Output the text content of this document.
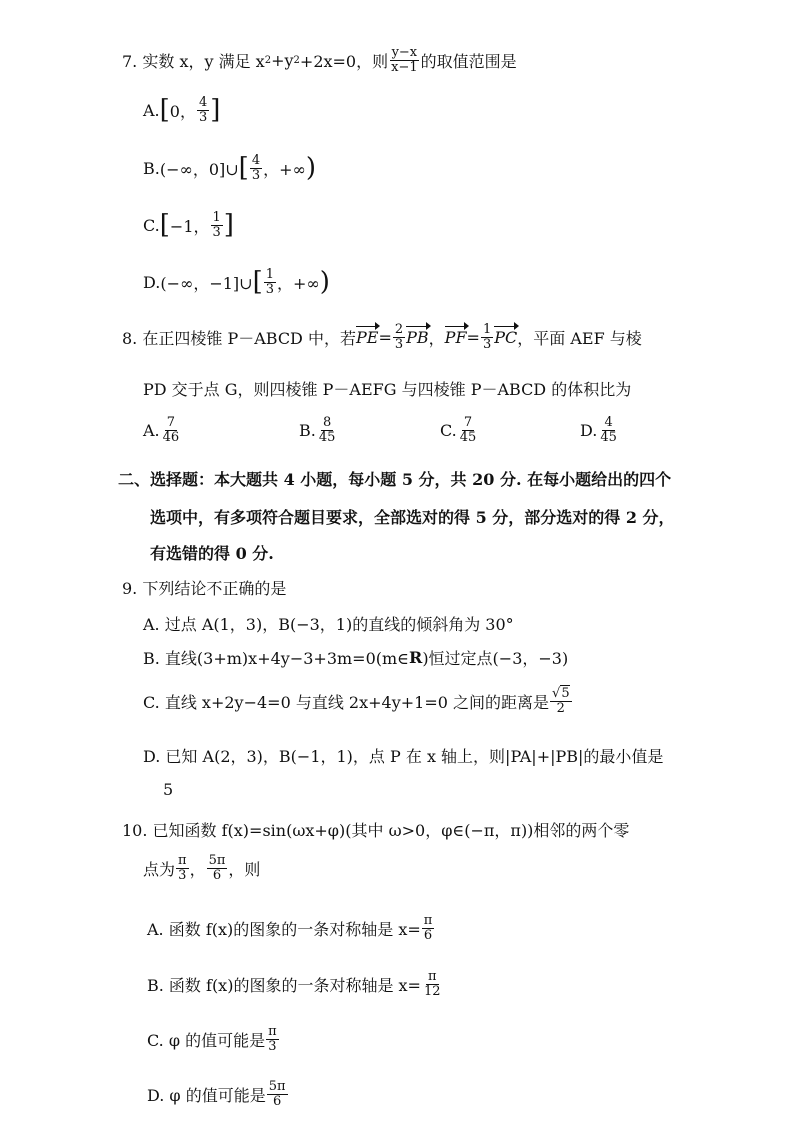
7. 实数 x，y 满足 x 2 +y 2 +2x=0，则 $\frac{y-x}{x-1}$ 的取值范围是
A. [ 0， $\frac{4}{3}$ ]
B. (−∞，0]∪ [ $\frac{4}{3}$ ，+∞ )
C. [ −1， $\frac{1}{3}$ ]
D. (−∞，−1]∪ [ $\frac{1}{3}$ ，+∞ )
8. 在正四棱锥 P－ABCD 中，若 PE = $\frac{2}{3}$ PB ， PF = $\frac{1}{3}$ PC ，平面 AEF 与棱
PD 交于点 G，则四棱锥 P－AEFG 与四棱锥 P－ABCD 的体积比为
A. $\frac{7}{46}$	B. $\frac{8}{45}$	C. $\frac{7}{45}$	D. $\frac{4}{45}$
二、选择题：本大题共 4 小题，每小题 5 分，共 20 分. 在每小题给出的四个
选项中，有多项符合题目要求，全部选对的得 5 分，部分选对的得 2 分，
有选错的得 0 分.
9. 下列结论不正确的是
A. 过点 A(1，3)，B(−3，1)的直线的倾斜角为 30°
B. 直线(3+m)x+4y−3+3m=0(m∈ R )恒过定点(−3，−3)
C. 直线 x+2y−4=0 与直线 2x+4y+1=0 之间的距离是 $\frac{√5}{2}$
D. 已知 A(2，3)，B(−1，1)，点 P 在 x 轴上，则|PA|+|PB|的最小值是
5
10. 已知函数 f(x)=sin(ωx+φ)(其中 ω>0，φ∈(−π，π))相邻的两个零
点为 $\frac{\pi}{3}$ ， $\frac{5\pi}{6}$ ，则
A. 函数 f(x)的图象的一条对称轴是 $x= \frac{\pi}{6}$
B. 函数 f(x)的图象的一条对称轴是 $x= \frac{\pi}{12}$
C. φ 的值可能是 $\frac{\pi}{3}$
D. φ 的值可能是 $\frac{5\pi}{6}$
